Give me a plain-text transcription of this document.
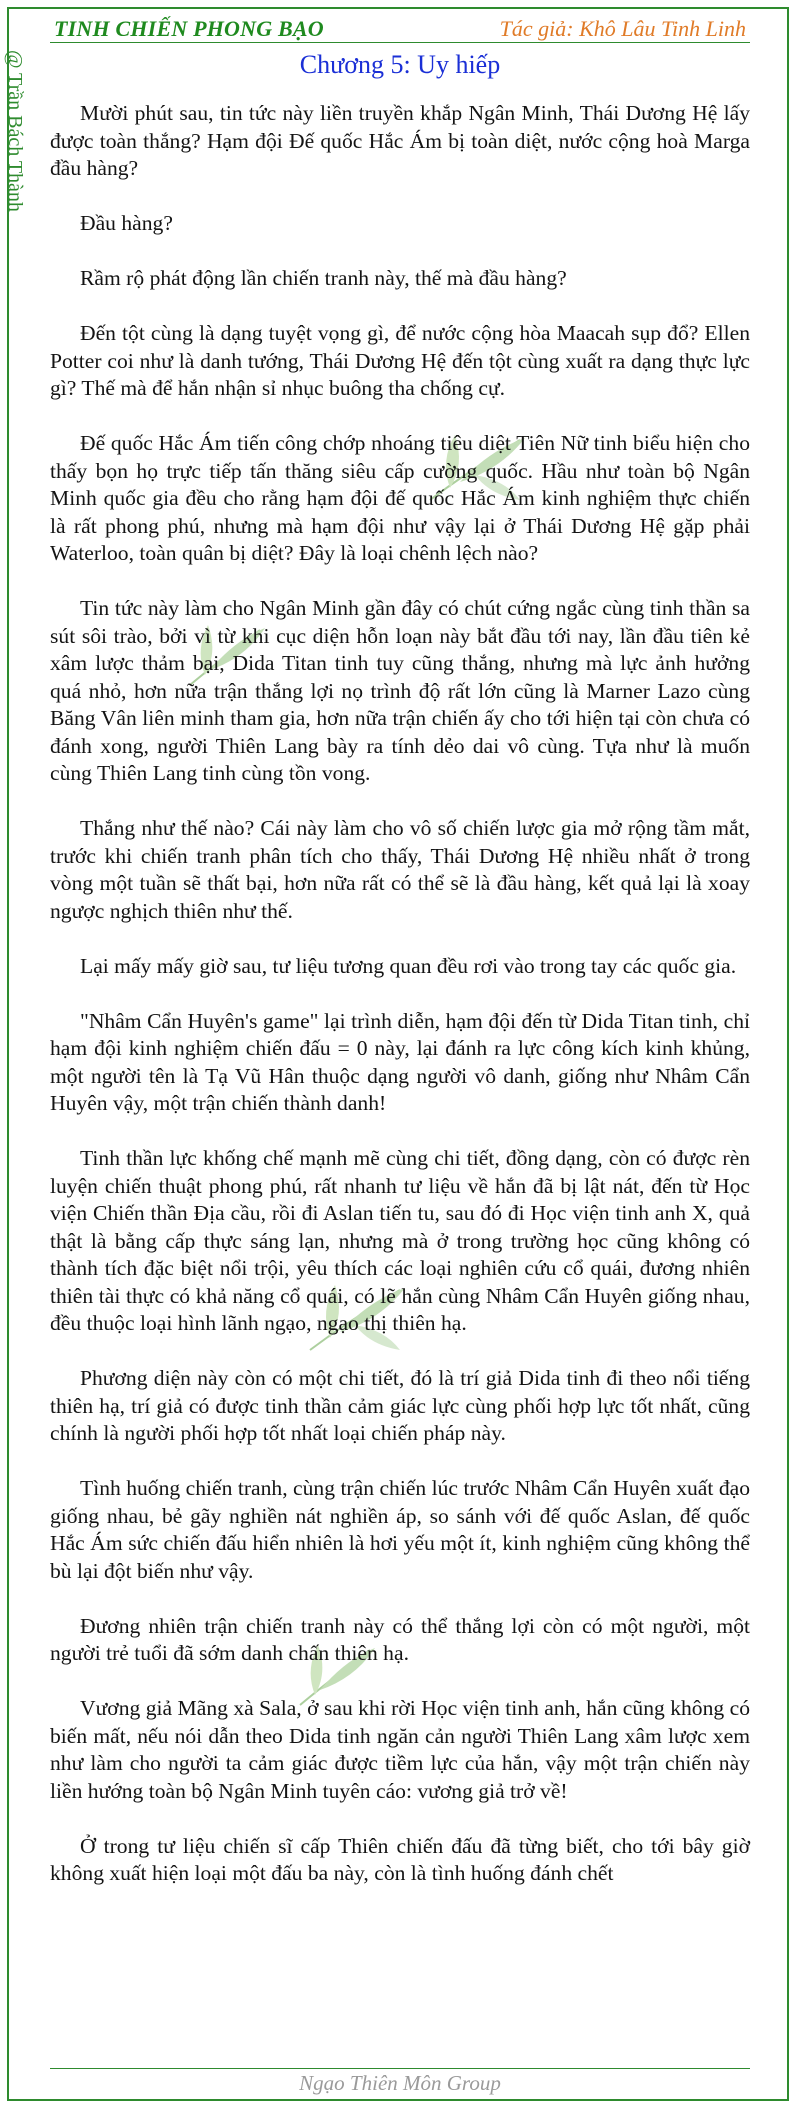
TINH CHIẾN PHONG BẠO	Tác giả: Khô Lâu Tinh Linh
@ Trần Bách Thành	Chương 5: Uy hiếp

Mười phút sau, tin tức này liền truyền khắp Ngân Minh, Thái Dương Hệ lấy được toàn thắng? Hạm đội Đế quốc Hắc Ám bị toàn diệt, nước cộng hoà Marga đầu hàng?

Đầu hàng?

Rầm rộ phát động lần chiến tranh này, thế mà đầu hàng?

Đến tột cùng là dạng tuyệt vọng gì, để nước cộng hòa Maacah sụp đổ? Ellen Potter coi như là danh tướng, Thái Dương Hệ đến tột cùng xuất ra dạng thực lực gì? Thế mà để hắn nhận sỉ nhục buông tha chống cự.

Đế quốc Hắc Ám tiến công chớp nhoáng tiêu diệt Tiên Nữ tinh biểu hiện cho thấy bọn họ trực tiếp tấn thăng siêu cấp cường quốc. Hầu như toàn bộ Ngân Minh quốc gia đều cho rằng hạm đội đế quốc Hắc Ám kinh nghiệm thực chiến là rất phong phú, nhưng mà hạm đội như vậy lại ở Thái Dương Hệ gặp phải Waterloo, toàn quân bị diệt? Đây là loại chênh lệch nào?

Tin tức này làm cho Ngân Minh gần đây có chút cứng ngắc cùng tinh thần sa sút sôi trào, bởi vì từ khi cục diện hỗn loạn này bắt đầu tới nay, lần đầu tiên kẻ xâm lược thảm bại, Dida Titan tinh tuy cũng thắng, nhưng mà lực ảnh hưởng quá nhỏ, hơn nữa trận thắng lợi nọ trình độ rất lớn cũng là Marner Lazo cùng Băng Vân liên minh tham gia, hơn nữa trận chiến ấy cho tới hiện tại còn chưa có đánh xong, người Thiên Lang bày ra tính dẻo dai vô cùng. Tựa như là muốn cùng Thiên Lang tinh cùng tồn vong.

Thắng như thế nào? Cái này làm cho vô số chiến lược gia mở rộng tầm mắt, trước khi chiến tranh phân tích cho thấy, Thái Dương Hệ nhiều nhất ở trong vòng một tuần sẽ thất bại, hơn nữa rất có thể sẽ là đầu hàng, kết quả lại là xoay ngược nghịch thiên như thế.

Lại mấy mấy giờ sau, tư liệu tương quan đều rơi vào trong tay các quốc gia.

"Nhâm Cẩn Huyên's game" lại trình diễn, hạm đội đến từ Dida Titan tinh, chỉ hạm đội kinh nghiệm chiến đấu = 0 này, lại đánh ra lực công kích kinh khủng, một người tên là Tạ Vũ Hân thuộc dạng người vô danh, giống như Nhâm Cẩn Huyên vậy, một trận chiến thành danh!

Tinh thần lực khống chế mạnh mẽ cùng chi tiết, đồng dạng, còn có được rèn luyện chiến thuật phong phú, rất nhanh tư liệu về hắn đã bị lật nát, đến từ Học viện Chiến thần Địa cầu, rồi đi Aslan tiến tu, sau đó đi Học viện tinh anh X, quả thật là bằng cấp thực sáng lạn, nhưng mà ở trong trường học cũng không có thành tích đặc biệt nổi trội, yêu thích các loại nghiên cứu cổ quái, đương nhiên thiên tài thực có khả năng cổ quái, có lẽ hắn cùng Nhâm Cẩn Huyên giống nhau, đều thuộc loại hình lãnh ngạo, ngạo thị thiên hạ.

Phương diện này còn có một chi tiết, đó là trí giả Dida tinh đi theo nổi tiếng thiên hạ, trí giả có được tinh thần cảm giác lực cùng phối hợp lực tốt nhất, cũng chính là người phối hợp tốt nhất loại chiến pháp này.

Tình huống chiến tranh, cùng trận chiến lúc trước Nhâm Cẩn Huyên xuất đạo giống nhau, bẻ gãy nghiền nát nghiền áp, so sánh với đế quốc Aslan, đế quốc Hắc Ám sức chiến đấu hiển nhiên là hơi yếu một ít, kinh nghiệm cũng không thể bù lại đột biến như vậy.

Đương nhiên trận chiến tranh này có thể thắng lợi còn có một người, một người trẻ tuổi đã sớm danh chấn thiên hạ.

Vương giả Mãng xà Sala, ở sau khi rời Học viện tinh anh, hắn cũng không có biến mất, nếu nói dẫn theo Dida tinh ngăn cản người Thiên Lang xâm lược xem như làm cho người ta cảm giác được tiềm lực của hắn, vậy một trận chiến này liền hướng toàn bộ Ngân Minh tuyên cáo: vương giả trở về!

Ở trong tư liệu chiến sĩ cấp Thiên chiến đấu đã từng biết, cho tới bây giờ không xuất hiện loại một đấu ba này, còn là tình huống đánh chết

Ngạo Thiên Môn Group
